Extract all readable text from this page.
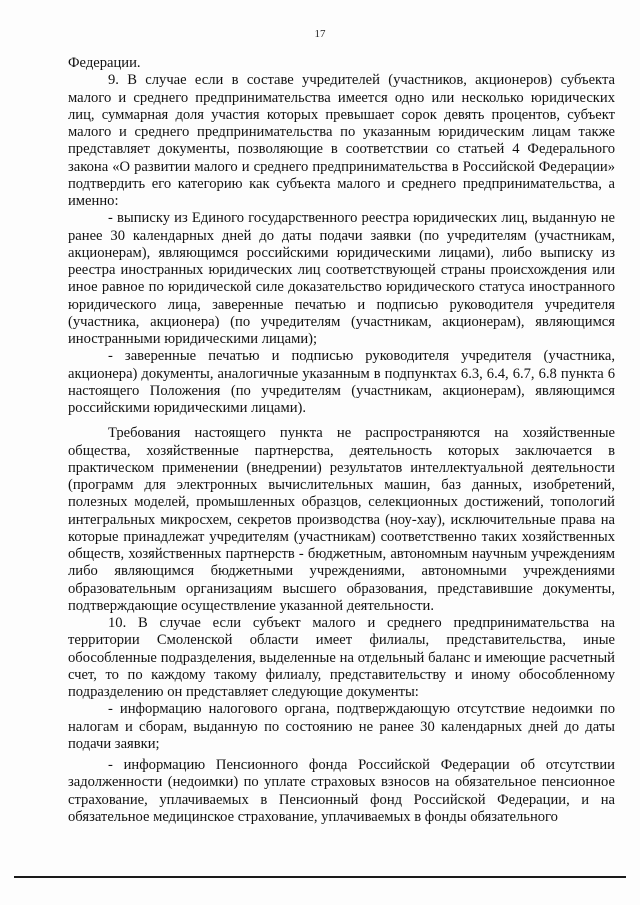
17

Федерации.

9. В случае если в составе учредителей (участников, акционеров) субъекта малого и среднего предпринимательства имеется одно или несколько юридических лиц, суммарная доля участия которых превышает сорок девять процентов, субъект малого и среднего предпринимательства по указанным юридическим лицам также представляет документы, позволяющие в соответствии со статьей 4 Федерального закона «О развитии малого и среднего предпринимательства в Российской Федерации» подтвердить его категорию как субъекта малого и среднего предпринимательства, а именно:

- выписку из Единого государственного реестра юридических лиц, выданную не ранее 30 календарных дней до даты подачи заявки (по учредителям (участникам, акционерам), являющимся российскими юридическими лицами), либо выписку из реестра иностранных юридических лиц соответствующей страны происхождения или иное равное по юридической силе доказательство юридического статуса иностранного юридического лица, заверенные печатью и подписью руководителя учредителя (участника, акционера) (по учредителям (участникам, акционерам), являющимся иностранными юридическими лицами);

- заверенные печатью и подписью руководителя учредителя (участника, акционера) документы, аналогичные указанным в подпунктах 6.3, 6.4, 6.7, 6.8 пункта 6 настоящего Положения (по учредителям (участникам, акционерам), являющимся российскими юридическими лицами).

Требования настоящего пункта не распространяются на хозяйственные общества, хозяйственные партнерства, деятельность которых заключается в практическом применении (внедрении) результатов интеллектуальной деятельности (программ для электронных вычислительных машин, баз данных, изобретений, полезных моделей, промышленных образцов, селекционных достижений, топологий интегральных микросхем, секретов производства (ноу-хау), исключительные права на которые принадлежат учредителям (участникам) соответственно таких хозяйственных обществ, хозяйственных партнерств - бюджетным, автономным научным учреждениям либо являющимся бюджетными учреждениями, автономными учреждениями образовательным организациям высшего образования, представившие документы, подтверждающие осуществление указанной деятельности.

10. В случае если субъект малого и среднего предпринимательства на территории Смоленской области имеет филиалы, представительства, иные обособленные подразделения, выделенные на отдельный баланс и имеющие расчетный счет, то по каждому такому филиалу, представительству и иному обособленному подразделению он представляет следующие документы:

- информацию налогового органа, подтверждающую отсутствие недоимки по налогам и сборам, выданную по состоянию не ранее 30 календарных дней до даты подачи заявки;

- информацию Пенсионного фонда Российской Федерации об отсутствии задолженности (недоимки) по уплате страховых взносов на обязательное пенсионное страхование, уплачиваемых в Пенсионный фонд Российской Федерации, и на обязательное медицинское страхование, уплачиваемых в фонды обязательного
